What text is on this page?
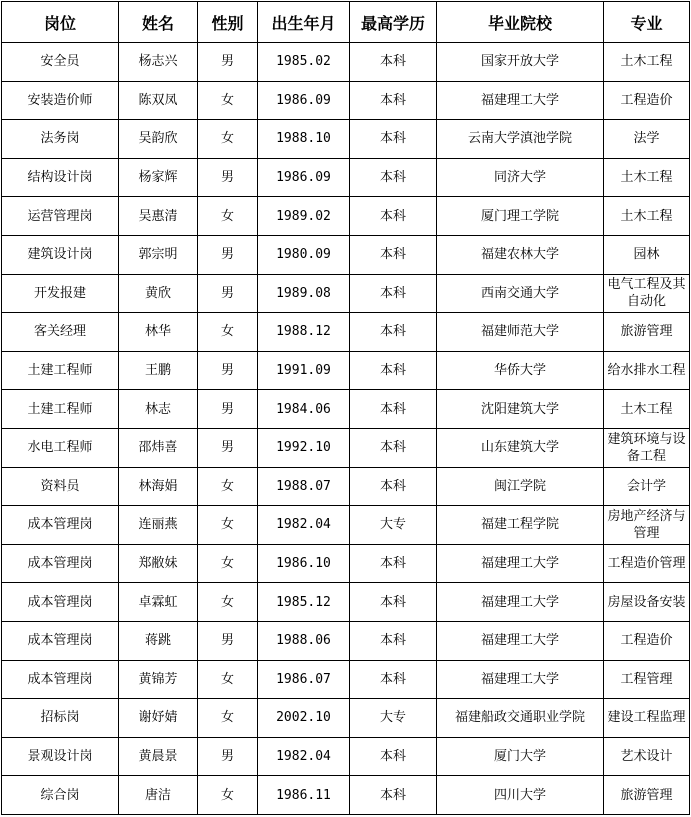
岗位	姓名	性别	出生年月	最高学历	毕业院校	专业
安全员	杨志兴	男	1985.02	本科	国家开放大学	土木工程
安装造价师	陈双凤	女	1986.09	本科	福建理工大学	工程造价
法务岗	吴韵欣	女	1988.10	本科	云南大学滇池学院	法学
结构设计岗	杨家辉	男	1986.09	本科	同济大学	土木工程
运营管理岗	吴惠清	女	1989.02	本科	厦门理工学院	土木工程
建筑设计岗	郭宗明	男	1980.09	本科	福建农林大学	园林
开发报建	黄欣	男	1989.08	本科	西南交通大学	电气工程及其自动化
客关经理	林华	女	1988.12	本科	福建师范大学	旅游管理
土建工程师	王鹏	男	1991.09	本科	华侨大学	给水排水工程
土建工程师	林志	男	1984.06	本科	沈阳建筑大学	土木工程
水电工程师	邵炜喜	男	1992.10	本科	山东建筑大学	建筑环境与设备工程
资料员	林海娟	女	1988.07	本科	闽江学院	会计学
成本管理岗	连丽燕	女	1982.04	大专	福建工程学院	房地产经济与管理
成本管理岗	郑敝妹	女	1986.10	本科	福建理工大学	工程造价管理
成本管理岗	卓霖虹	女	1985.12	本科	福建理工大学	房屋设备安装
成本管理岗	蒋跳	男	1988.06	本科	福建理工大学	工程造价
成本管理岗	黄锦芳	女	1986.07	本科	福建理工大学	工程管理
招标岗	谢妤婧	女	2002.10	大专	福建船政交通职业学院	建设工程监理
景观设计岗	黄晨景	男	1982.04	本科	厦门大学	艺术设计
综合岗	唐洁	女	1986.11	本科	四川大学	旅游管理
